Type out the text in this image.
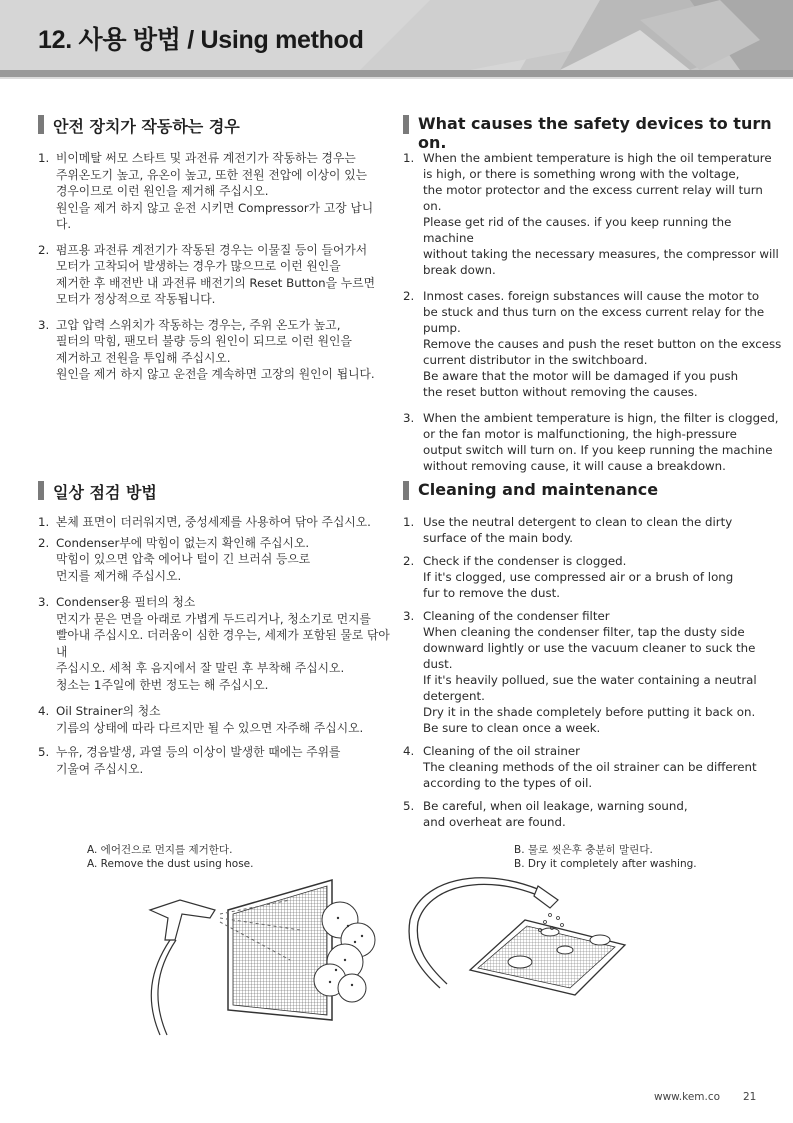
12. 사용 방법 / Using method
안전 장치가 작동하는 경우	What causes the safety devices to turn on.
1. 비이메탈 써모 스타트 및 과전류 계전기가 작동하는 경우는
주위온도기 높고, 유온이 높고, 또한 전원 전압에 이상이 있는
경우이므로 이런 원인을 제거해 주십시오.
원인을 제거 하지 않고 운전 시키면 Compressor가 고장 납니다.
2. 펌프용 과전류 계전기가 작동된 경우는 이물질 등이 들어가서
모터가 고착되어 발생하는 경우가 많으므로 이런 원인을
제거한 후 배전반 내 과전류 배전기의 Reset Button을 누르면
모터가 정상적으로 작동됩니다.
3. 고압 압력 스위치가 작동하는 경우는, 주위 온도가 높고,
필터의 막힘, 팬모터 불량 등의 원인이 되므로 이런 원인을
제거하고 전원을 투입해 주십시오.
원인을 제거 하지 않고 운전을 계속하면 고장의 원인이 됩니다.
1. When the ambient temperature is high the oil temperature
is high, or there is something wrong with the voltage,
the motor protector and the excess current relay will turn on.
Please get rid of the causes. if you keep running the machine
without taking the necessary measures, the compressor will
break down.
2. Inmost cases. foreign substances will cause the motor to
be stuck and thus turn on the excess current relay for the pump.
Remove the causes and push the reset button on the excess
current distributor in the switchboard.
Be aware that the motor will be damaged if you push
the reset button without removing the causes.
3. When the ambient temperature is hign, the filter is clogged,
or the fan motor is malfunctioning, the high-pressure
output switch will turn on. If you keep running the machine
without removing cause, it will cause a breakdown.
일상 점검 방법	Cleaning and maintenance
1. 본체 표면이 더러워지면, 중성세제를 사용하여 닦아 주십시오.
2. Condenser부에 막힘이 없는지 확인해 주십시오.
막힘이 있으면 압축 에어나 털이 긴 브러쉬 등으로
먼지를 제거해 주십시오.
3. Condenser용 필터의 청소
먼지가 묻은 면을 아래로 가볍게 두드리거나, 청소기로 먼지를
빨아내 주십시오. 더러움이 심한 경우는, 세제가 포함된 물로 닦아내
주십시오. 세척 후 음지에서 잘 말린 후 부착해 주십시오.
청소는 1주일에 한번 정도는 해 주십시오.
4. Oil Strainer의 청소
기름의 상태에 따라 다르지만 될 수 있으면 자주해 주십시오.
5. 누유, 경음발생, 과열 등의 이상이 발생한 때에는 주위를
기울여 주십시오.
1. Use the neutral detergent to clean to clean the dirty
surface of the main body.
2. Check if the condenser is clogged.
If it's clogged, use compressed air or a brush of long
fur to remove the dust.
3. Cleaning of the condenser filter
When cleaning the condenser filter, tap the dusty side
downward lightly or use the vacuum cleaner to suck the dust.
If it's heavily pollued, sue the water containing a neutral detergent.
Dry it in the shade completely before putting it back on.
Be sure to clean once a week.
4. Cleaning of the oil strainer
The cleaning methods of the oil strainer can be different
according to the types of oil.
5. Be careful, when oil leakage, warning sound,
and overheat are found.
A. 에어건으로 먼지를 제거한다.
A. Remove the dust using hose.
B. 물로 씻은후 충분히 말린다.
B. Dry it completely after washing.
www.kem.co 21
